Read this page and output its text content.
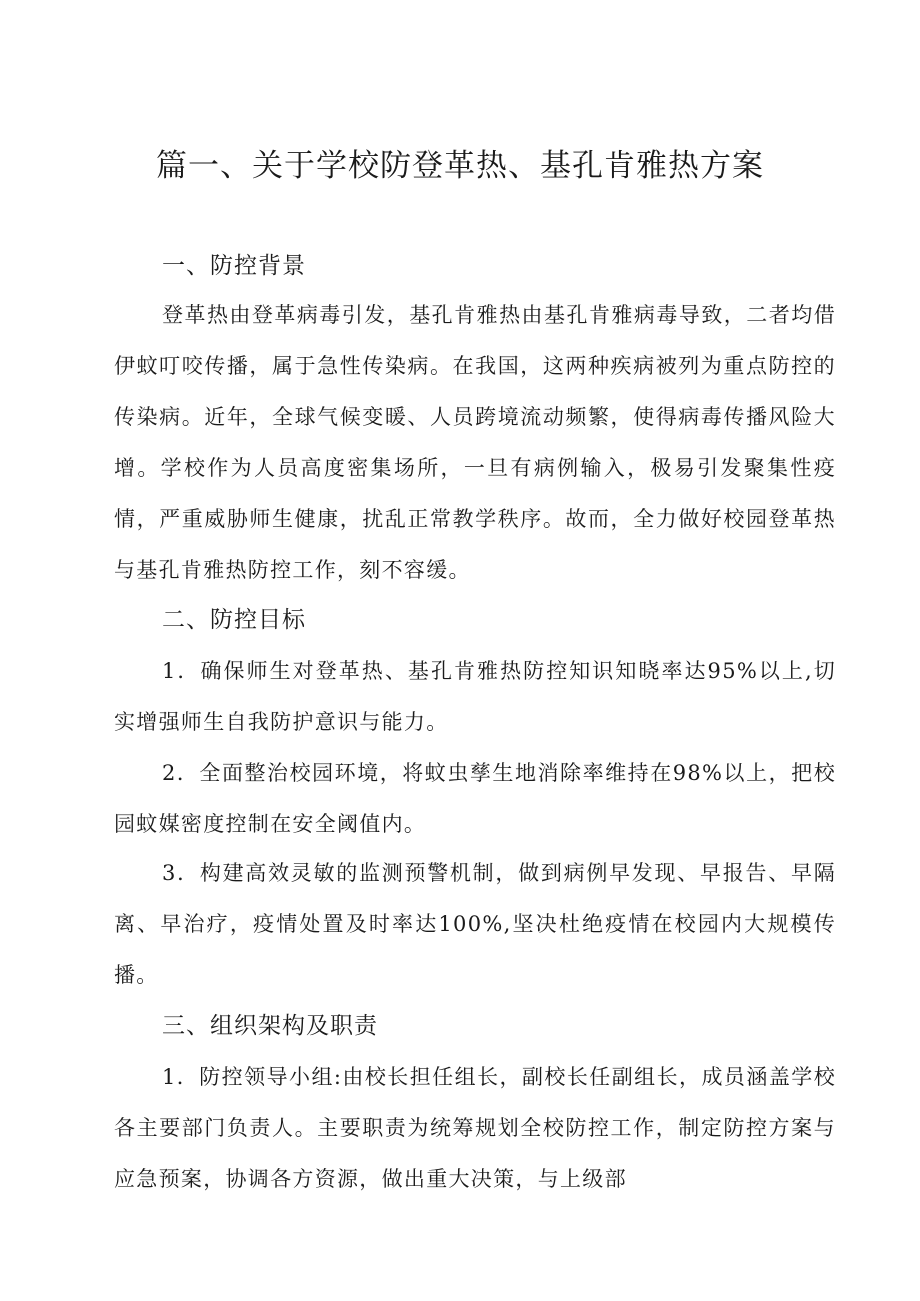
篇一、关于学校防登革热、基孔肯雅热方案
一、防控背景

登革热由登革病毒引发，基孔肯雅热由基孔肯雅病毒导致，二者均借伊蚊叮咬传播，属于急性传染病。在我国，这两种疾病被列为重点防控的传染病。近年，全球气候变暖、人员跨境流动频繁，使得病毒传播风险大增。学校作为人员高度密集场所，一旦有病例输入，极易引发聚集性疫情，严重威胁师生健康，扰乱正常教学秩序。故而，全力做好校园登革热与基孔肯雅热防控工作，刻不容缓。

二、防控目标

1．确保师生对登革热、基孔肯雅热防控知识知晓率达95%以上,切实增强师生自我防护意识与能力。

2．全面整治校园环境，将蚊虫孳生地消除率维持在98%以上，把校园蚊媒密度控制在安全阈值内。

3．构建高效灵敏的监测预警机制，做到病例早发现、早报告、早隔离、早治疗，疫情处置及时率达100%,坚决杜绝疫情在校园内大规模传播。

三、组织架构及职责

1．防控领导小组:由校长担任组长，副校长任副组长，成员涵盖学校各主要部门负责人。主要职责为统筹规划全校防控工作，制定防控方案与应急预案，协调各方资源，做出重大决策，与上级部
